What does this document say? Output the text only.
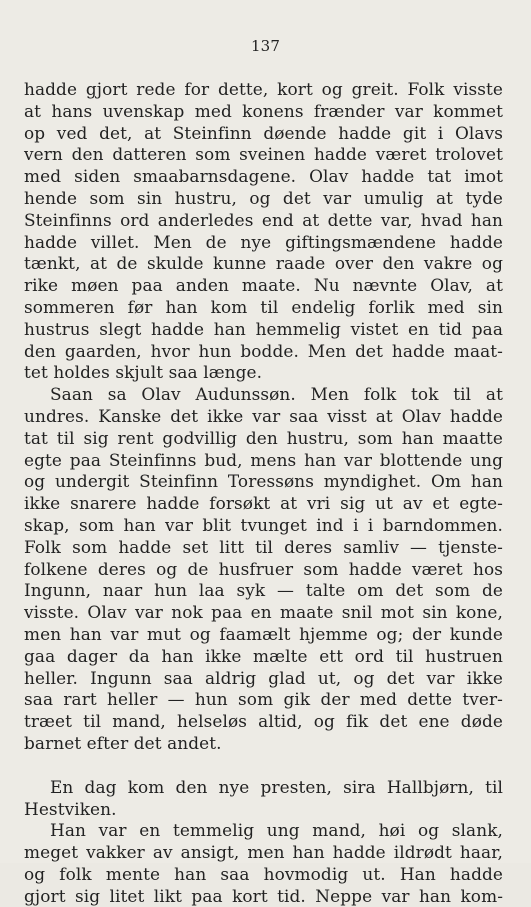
137
hadde gjort rede for dette, kort og greit. Folk visste
at hans uvenskap med konens frænder var kommet
op ved det, at Steinfinn døende hadde git i Olavs
vern den datteren som sveinen hadde været trolovet
med siden smaabarnsdagene. Olav hadde tat imot
hende som sin hustru, og det var umulig at tyde
Steinfinns ord anderledes end at dette var, hvad han
hadde villet. Men de nye giftingsmændene hadde
tænkt, at de skulde kunne raade over den vakre og
rike møen paa anden maate. Nu nævnte Olav, at
sommeren før han kom til endelig forlik med sin
hustrus slegt hadde han hemmelig vistet en tid paa
den gaarden, hvor hun bodde. Men det hadde maat-
tet holdes skjult saa længe.
Saan sa Olav Audunssøn. Men folk tok til at
undres. Kanske det ikke var saa visst at Olav hadde
tat til sig rent godvillig den hustru, som han maatte
egte paa Steinfinns bud, mens han var blottende ung
og undergit Steinfinn Toressøns myndighet. Om han
ikke snarere hadde forsøkt at vri sig ut av et egte-
skap, som han var blit tvunget ind i i barndommen.
Folk som hadde set litt til deres samliv — tjenste-
folkene deres og de husfruer som hadde været hos
Ingunn, naar hun laa syk — talte om det som de
visste. Olav var nok paa en maate snil mot sin kone,
men han var mut og faamælt hjemme og; der kunde
gaa dager da han ikke mælte ett ord til hustruen
heller. Ingunn saa aldrig glad ut, og det var ikke
saa rart heller — hun som gik der med dette tver-
træet til mand, helseløs altid, og fik det ene døde
barnet efter det andet.
En dag kom den nye presten, sira Hallbjørn, til
Hestviken.
Han var en temmelig ung mand, høi og slank,
meget vakker av ansigt, men han hadde ildrødt haar,
og folk mente han saa hovmodig ut. Han hadde
gjort sig litet likt paa kort tid. Neppe var han kom-
